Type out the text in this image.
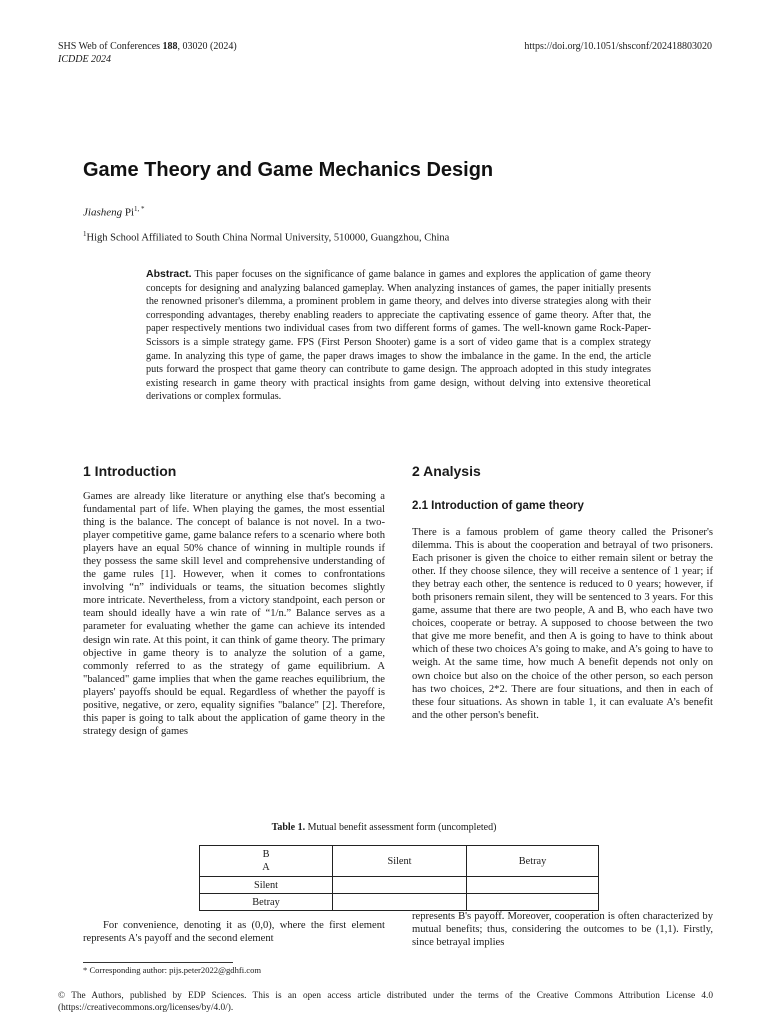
SHS Web of Conferences 188, 03020 (2024)
ICDDE 2024
https://doi.org/10.1051/shsconf/202418803020
Game Theory and Game Mechanics Design
Jiasheng $Pi^{1, *}$
$^1$High School Affiliated to South China Normal University, 510000, Guangzhou, China
Abstract. This paper focuses on the significance of game balance in games and explores the application of game theory concepts for designing and analyzing balanced gameplay. When analyzing instances of games, the paper initially presents the renowned prisoner's dilemma, a prominent problem in game theory, and delves into diverse strategies along with their corresponding advantages, thereby enabling readers to appreciate the captivating essence of game theory. After that, the paper respectively mentions two individual cases from two different forms of games. The well-known game Rock-Paper-Scissors is a simple strategy game. FPS (First Person Shooter) game is a sort of video game that is a complex strategy game. In analyzing this type of game, the paper draws images to show the imbalance in the game. In the end, the article puts forward the prospect that game theory can contribute to game design. The approach adopted in this study integrates existing research in game theory with practical insights from game design, without delving into extensive theoretical derivations or complex formulas.
1 Introduction

Games are already like literature or anything else that's becoming a fundamental part of life. When playing the games, the most essential thing is the balance. The concept of balance is not novel. In a two-player competitive game, game balance refers to a scenario where both players have an equal 50% chance of winning in multiple rounds if they possess the same skill level and comprehensive understanding of the game rules [1]. However, when it comes to confrontations involving “n” individuals or teams, the situation becomes slightly more intricate. Nevertheless, from a victory standpoint, each person or team should ideally have a win rate of “1/n.” Balance serves as a parameter for evaluating whether the game can achieve its intended design win rate. At this point, it can think of game theory. The primary objective in game theory is to analyze the solution of a game, commonly referred to as the strategy of game equilibrium. A "balanced" game implies that when the game reaches equilibrium, the players' payoffs should be equal. Regardless of whether the payoff is positive, negative, or zero, equality signifies "balance" [2]. Therefore, this paper is going to talk about the application of game theory in the strategy design of games

2 Analysis
2.1 Introduction of game theory

There is a famous problem of game theory called the Prisoner's dilemma. This is about the cooperation and betrayal of two prisoners. Each prisoner is given the choice to either remain silent or betray the other. If they choose silence, they will receive a sentence of 1 year; if they betray each other, the sentence is reduced to 0 years; however, if both prisoners remain silent, they will be sentenced to 3 years. For this game, assume that there are two people, A and B, who each have two choices, cooperate or betray. A supposed to choose between the two that give me more benefit, and then A is going to have to think about which of these two choices A’s going to make, and A’s going to have to weigh. At the same time, how much A benefit depends not only on own choice but also on the choice of the other person, so each person has two choices, 2*2. There are four situations, and then in each of these four situations. As shown in table 1, it can evaluate A’s benefit and the other person's benefit.

Table 1. Mutual benefit assessment form (uncompleted)
B
A	Silent	Betray
Silent		
Betray		

For convenience, denoting it as (0,0), where the first element represents A's payoff and the second element

represents B's payoff. Moreover, cooperation is often characterized by mutual benefits; thus, considering the outcomes to be (1,1). Firstly, since betrayal implies

* Corresponding author: pijs.peter2022@gdhfi.com
© The Authors, published by EDP Sciences. This is an open access article distributed under the terms of the Creative Commons Attribution License 4.0 (https://creativecommons.org/licenses/by/4.0/).
